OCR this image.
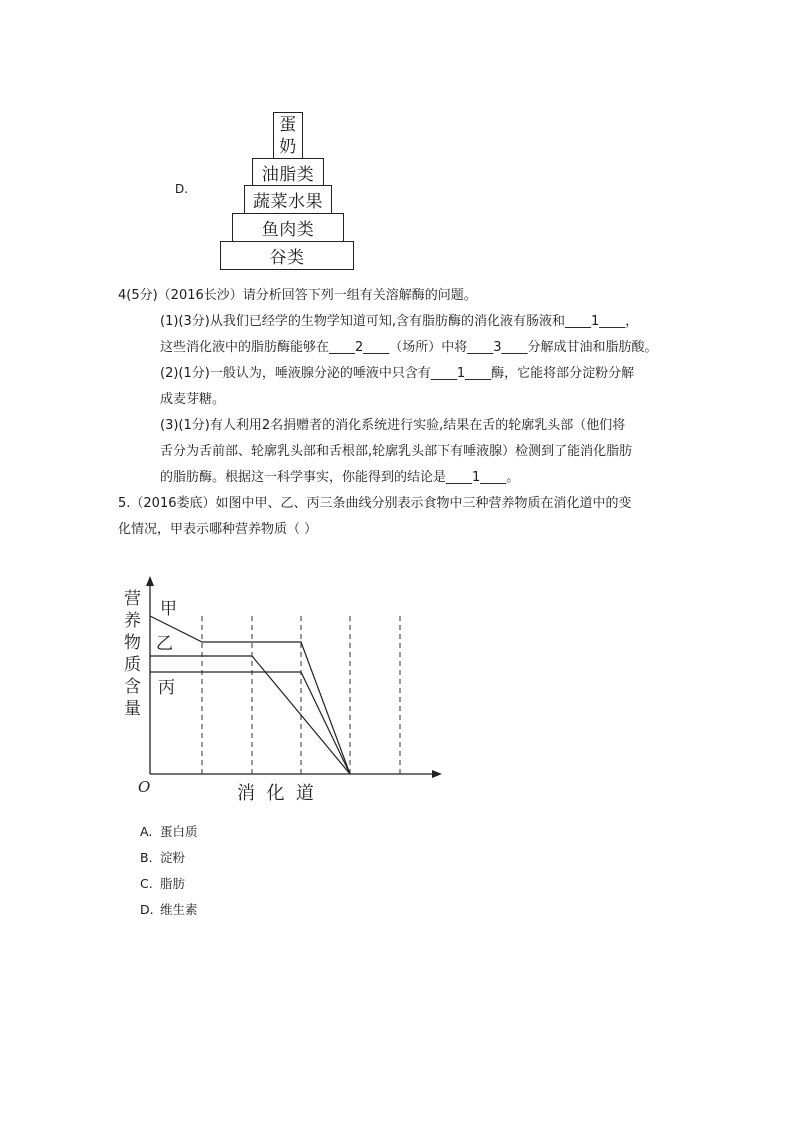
D.
蛋
奶
油脂类
蔬菜水果
鱼肉类
谷类
4(5分)（2016长沙）请分析回答下列一组有关溶解酶的问题。
(1)(3分)从我们已经学的生物学知道可知,含有脂肪酶的消化液有肠液和____1____，
这些消化液中的脂肪酶能够在____2____（场所）中将____3____分解成甘油和脂肪酸。
(2)(1分)一般认为，唾液腺分泌的唾液中只含有____1____酶，它能将部分淀粉分解
成麦芽糖。
(3)(1分)有人利用2名捐赠者的消化系统进行实验,结果在舌的轮廓乳头部（他们将
舌分为舌前部、轮廓乳头部和舌根部,轮廓乳头部下有唾液腺）检测到了能消化脂肪
的脂肪酶。根据这一科学事实，你能得到的结论是____1____。
5.（2016娄底）如图中甲、乙、丙三条曲线分别表示食物中三种营养物质在消化道中的变
化情况，甲表示哪种营养物质（ ）
甲
乙
丙
营
养
物
质
含
量
O	消  化  道
A. 蛋白质
B. 淀粉
C. 脂肪
D. 维生素
